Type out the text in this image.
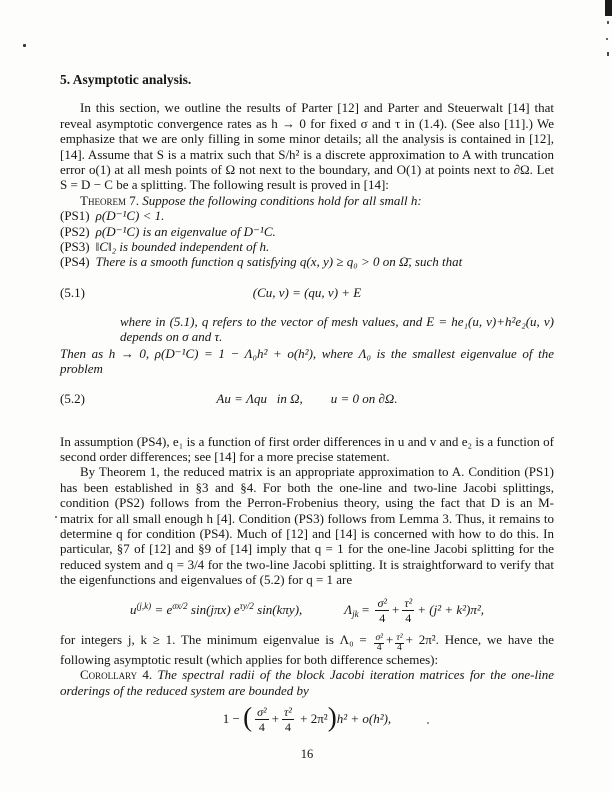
5. Asymptotic analysis.

In this section, we outline the results of Parter [12] and Parter and Steuerwalt [14] that reveal asymptotic convergence rates as h → 0 for fixed σ and τ in (1.4). (See also [11].) We emphasize that we are only filling in some minor details; all the analysis is contained in [12], [14]. Assume that S is a matrix such that S/h² is a discrete approximation to A with truncation error o(1) at all mesh points of Ω not next to the boundary, and O(1) at points next to ∂Ω. Let S = D − C be a splitting. The following result is proved in [14]:

Theorem 7. Suppose the following conditions hold for all small h:

(PS1) ρ(D⁻¹C) < 1.

(PS2) ρ(D⁻¹C) is an eigenvalue of D⁻¹C.

(PS3) ‖C‖₂ is bounded independent of h.

(PS4) There is a smooth function q satisfying q(x, y) ≥ q₀ > 0 on Ω̄, such that

(5.1)	(Cu, v) = (qu, v) + E

where in (5.1), q refers to the vector of mesh values, and E = he₁(u, v)+h²e₂(u, v) depends on σ and τ.

Then as h → 0, ρ(D⁻¹C) = 1 − Λ₀h² + o(h²), where Λ₀ is the smallest eigenvalue of the problem

(5.2)	Au = Λqu   in Ω, u = 0 on ∂Ω.

In assumption (PS4), e₁ is a function of first order differences in u and v and e₂ is a function of second order differences; see [14] for a more precise statement.

By Theorem 1, the reduced matrix is an appropriate approximation to A. Condition (PS1) has been established in §3 and §4. For both the one-line and two-line Jacobi splittings, condition (PS2) follows from the Perron-Frobenius theory, using the fact that D is an M-matrix for all small enough h [4]. Condition (PS3) follows from Lemma 3. Thus, it remains to determine q for condition (PS4). Much of [12] and [14] is concerned with how to do this. In particular, §7 of [12] and §9 of [14] imply that q = 1 for the one-line Jacobi splitting for the reduced system and q = 3/4 for the two-line Jacobi splitting. It is straightforward to verify that the eigenfunctions and eigenvalues of (5.2) for q = 1 are

$u^{(j,k)} = e^{\sigma x/2}$ sin(jπx) $e^{\tau y/2}$ sin(kπy),	$\Lambda_{jk} = \frac{\text{σ²}}{4} + \frac{\text{τ²}}{4} + (j^2 + k^2)\pi^2$,

for integers j, k ≥ 1. The minimum eigenvalue is $\Lambda_0 = \frac{\text{σ²}}{4} + \frac{\text{τ²}}{4} + 2\pi^2$. Hence, we have the following asymptotic result (which applies for both difference schemes):

Corollary 4. The spectral radii of the block Jacobi iteration matrices for the one-line orderings of the reduced system are bounded by

1 − ( $\frac{\text{σ²}}{4} + \frac{\text{τ²}}{4} + 2\pi^2)h^2 + o(h^2)$,

16
